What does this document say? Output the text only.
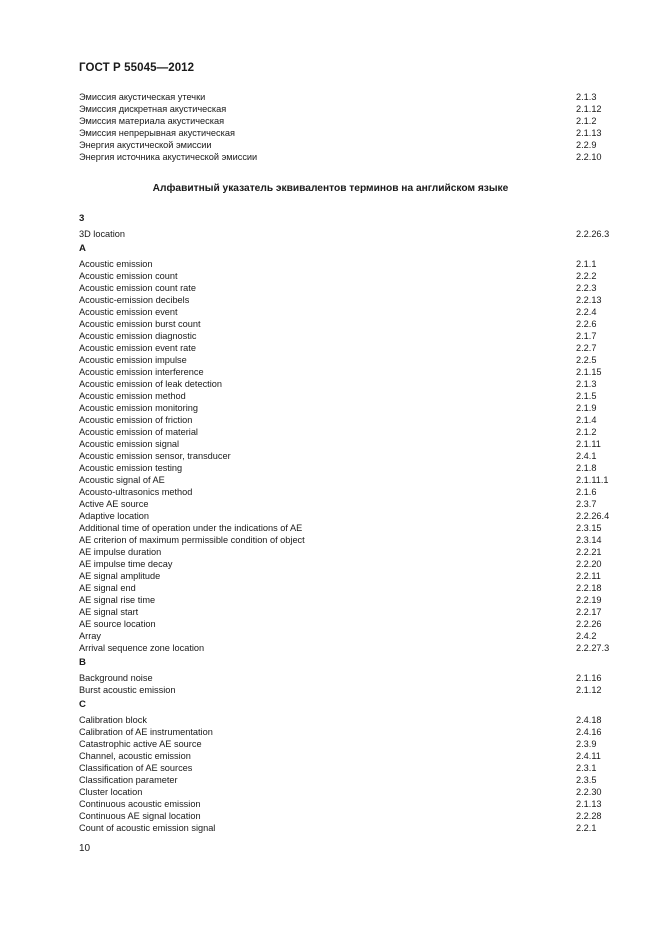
ГОСТ Р 55045—2012
Эмиссия акустическая утечки	2.1.3
Эмиссия дискретная акустическая	2.1.12
Эмиссия материала акустическая	2.1.2
Эмиссия непрерывная акустическая	2.1.13
Энергия акустической эмиссии	2.2.9
Энергия источника акустической эмиссии	2.2.10
Алфавитный указатель эквивалентов терминов на английском языке
3
3D location	2.2.26.3
A
Acoustic emission	2.1.1
Acoustic emission count	2.2.2
Acoustic emission count rate	2.2.3
Acoustic-emission decibels	2.2.13
Acoustic emission event	2.2.4
Acoustic emission burst count	2.2.6
Acoustic emission diagnostic	2.1.7
Acoustic emission event rate	2.2.7
Acoustic emission impulse	2.2.5
Acoustic emission interference	2.1.15
Acoustic emission of leak detection	2.1.3
Acoustic emission method	2.1.5
Acoustic emission monitoring	2.1.9
Acoustic emission of friction	2.1.4
Acoustic emission of material	2.1.2
Acoustic emission signal	2.1.11
Acoustic emission sensor, transducer	2.4.1
Acoustic emission testing	2.1.8
Acoustic signal of AE	2.1.11.1
Acousto-ultrasonics method	2.1.6
Active AE source	2.3.7
Adaptive location	2.2.26.4
Additional time of operation under the indications of AE	2.3.15
AE criterion of maximum permissible condition of object	2.3.14
AE impulse duration	2.2.21
AE impulse time decay	2.2.20
AE signal amplitude	2.2.11
AE signal end	2.2.18
AE signal rise time	2.2.19
AE signal start	2.2.17
AE source location	2.2.26
Array	2.4.2
Arrival sequence zone location	2.2.27.3
B
Background noise	2.1.16
Burst acoustic emission	2.1.12
C
Calibration block	2.4.18
Calibration of AE instrumentation	2.4.16
Catastrophic active AE source	2.3.9
Channel, acoustic emission	2.4.11
Classification of AE sources	2.3.1
Classification parameter	2.3.5
Cluster location	2.2.30
Continuous acoustic emission	2.1.13
Continuous AE signal location	2.2.28
Count of acoustic emission signal	2.2.1
10
